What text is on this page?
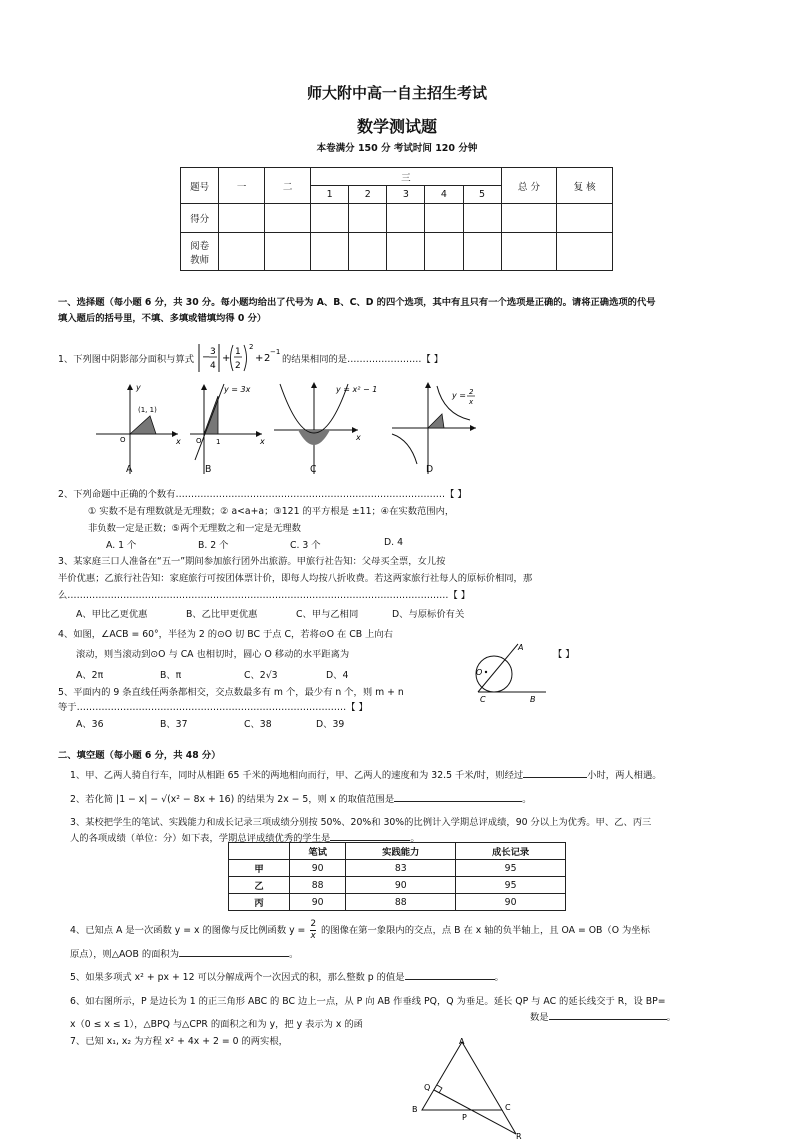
师大附中高一自主招生考试
数学测试题
本卷满分 150 分 考试时间 120 分钟
题号	一	二	三					总 分	复 核
			1	2	3	4	5		
得分									

阅卷
教师									

一、选择题（每小题 6 分，共 30 分。每小题均给出了代号为 A、B、C、D 的四个选项，其中有且只有一个选项是正确的。请将正确选项的代号
填入题后的括号里，不填、多填或错填均得 0 分）
1、下列图中阴影部分面积与算式 − 3
4
+
1
2
2
+ 2
−1
的结果相同的是……………………【 】
y
x
O
(1, 1)
y = 3x
x
O 1
y = x² − 1
x
y = 2
x
A	B	C	D
2、下列命题中正确的个数有……………………………………………………………………………【 】
① 实数不是有理数就是无理数；② a<a+a；③121 的平方根是 ±11；④在实数范围内，
非负数一定是正数；⑤两个无理数之和一定是无理数
A. 1 个	B. 2 个	C. 3 个	D. 4
3、某家庭三口人准备在“五一”期间参加旅行团外出旅游。甲旅行社告知：父母买全票，女儿按
半价优惠；乙旅行社告知：家庭旅行可按团体票计价，即每人均按八折收费。若这两家旅行社每人的原标价相同，那
么……………………………………………………………………………………………………………【 】
A、甲比乙更优惠	B、乙比甲更优惠	C、甲与乙相同	D、与原标价有关
4、如图，∠ACB = 60°，半径为 2 的⊙O 切 BC 于点 C，若将⊙O 在 CB 上向右
滚动，则当滚动到⊙O 与 CA 也相切时，圆心 O 移动的水平距离为	【 】
A、2π	B、π	C、2√3	D、4	O
A
B
C
5、平面内的 9 条直线任两条都相交，交点数最多有 m 个，最少有 n 个，则 m + n
等于……………………………………………………………………………【 】
A、36	B、37	C、38	D、39
二、填空题（每小题 6 分，共 48 分）
1、甲、乙两人骑自行车，同时从相距 65 千米的两地相向而行，甲、乙两人的速度和为 32.5 千米/时，则经过	小时，两人相遇。
2、若化简 |1 − x| − √(x² − 8x + 16) 的结果为 2x − 5，则 x 的取值范围是	。
3、某校把学生的笔试、实践能力和成长记录三项成绩分别按 50%、20%和 30%的比例计入学期总评成绩，90 分以上为优秀。甲、乙、丙三
人的各项成绩（单位：分）如下表，学期总评成绩优秀的学生是	。
	笔试	实践能力	成长记录
甲	90	83	95
乙	88	90	95
丙	90	88	90
4、已知点 A 是一次函数 y = x 的图像与反比例函数 $y = \frac{2}{x}$ 的图像在第一象限内的交点，点 B 在 x 轴的负半轴上，且 OA = OB（O 为坐标
原点），则△AOB 的面积为	。
5、如果多项式 x² + px + 12 可以分解成两个一次因式的积，那么整数 p 的值是	。
6、如右图所示，P 是边长为 1 的正三角形 ABC 的 BC 边上一点，从 P 向 AB 作垂线 PQ，Q 为垂足。延长 QP 与 AC 的延长线交于 R，设 BP=
x（0 ≤ x ≤ 1），△BPQ 与△CPR 的面积之和为 y，把 y 表示为 x 的函
数是	。
7、已知 x₁, x₂ 为方程 x² + 4x + 2 = 0 的两实根，	A
B	C
P
Q
R
